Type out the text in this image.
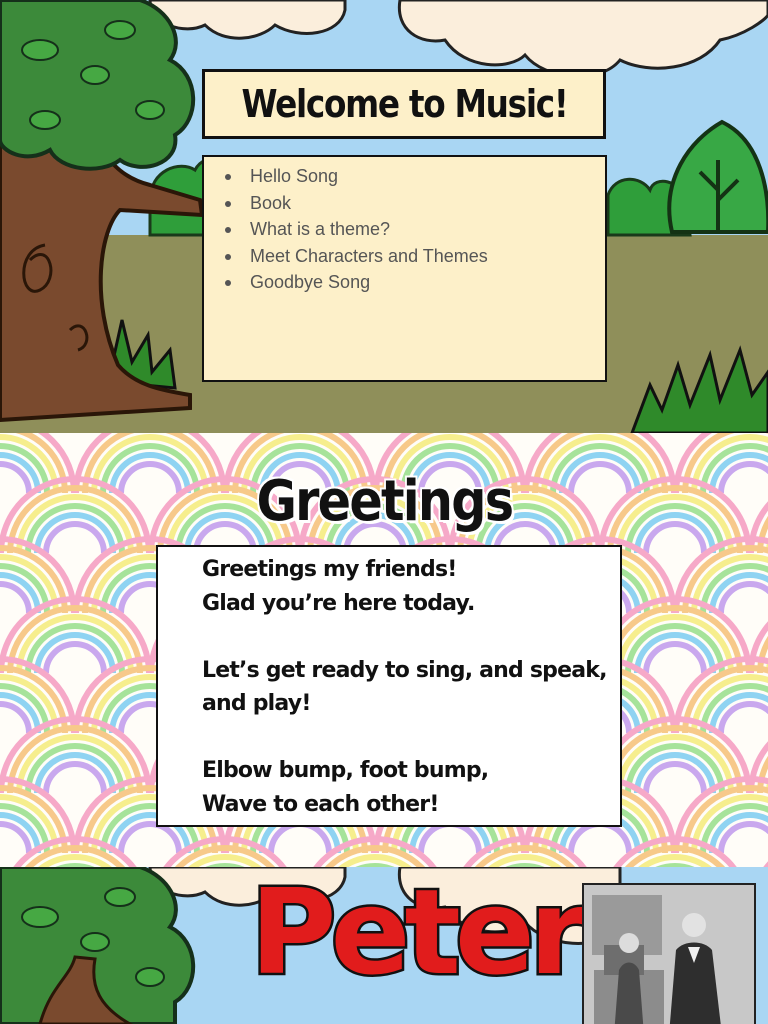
Welcome to Music!
Hello Song
Book
What is a theme?
Meet Characters and Themes
Goodbye Song
Greetings

Greetings my friends!

Glad you’re here today.

Let’s get ready to sing, and speak, and play!

Elbow bump, foot bump,

Wave to each other!

Peter
